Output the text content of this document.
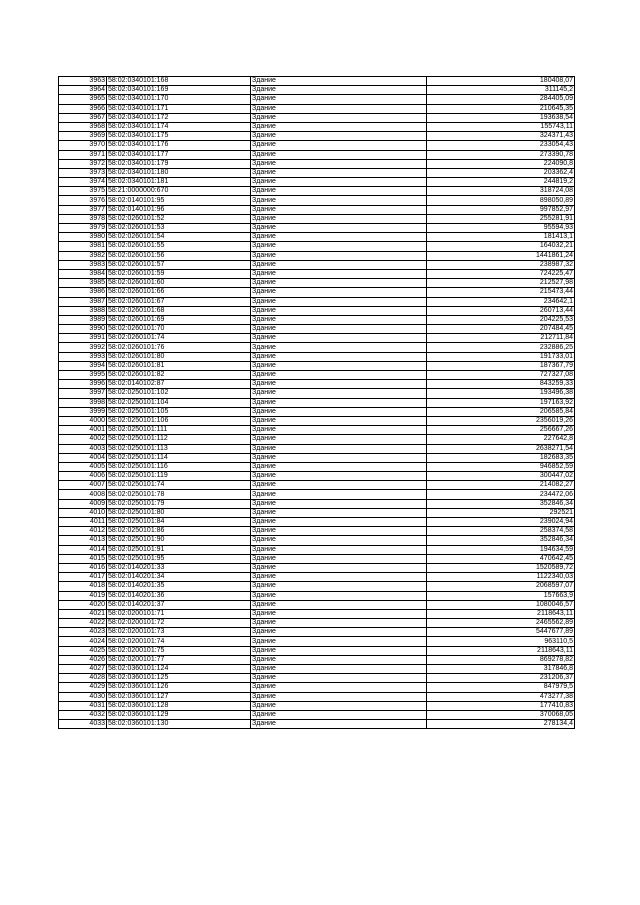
3963	58:02:0340101:168	Здание	180408,07
3964	58:02:0340101:169	Здание	311145,2
3965	58:02:0340101:170	Здание	284405,09
3966	58:02:0340101:171	Здание	210645,35
3967	58:02:0340101:172	Здание	193638,54
3968	58:02:0340101:174	Здание	155743,11
3969	58:02:0340101:175	Здание	324371,43
3970	58:02:0340101:176	Здание	233054,43
3971	58:02:0340101:177	Здание	273390,78
3972	58:02:0340101:179	Здание	224090,8
3973	58:02:0340101:180	Здание	203362,4
3974	58:02:0340101:181	Здание	244819,2
3975	58:21:0000000:670	Здание	318724,08
3976	58:02:0140101:95	Здание	898050,89
3977	58:02:0140101:96	Здание	997852,97
3978	58:02:0260101:52	Здание	255281,91
3979	58:02:0260101:53	Здание	95594,93
3980	58:02:0260101:54	Здание	181413,1
3981	58:02:0260101:55	Здание	164032,21
3982	58:02:0260101:56	Здание	1441861,24
3983	58:02:0260101:57	Здание	238987,32
3984	58:02:0260101:59	Здание	724225,47
3985	58:02:0260101:60	Здание	212527,98
3986	58:02:0260101:66	Здание	215473,44
3987	58:02:0260101:67	Здание	234642,1
3988	58:02:0260101:68	Здание	260713,44
3989	58:02:0260101:69	Здание	204225,53
3990	58:02:0260101:70	Здание	207484,45
3991	58:02:0260101:74	Здание	212711,84
3992	58:02:0260101:76	Здание	232886,25
3993	58:02:0260101:80	Здание	191733,01
3994	58:02:0260101:81	Здание	187367,79
3995	58:02:0260101:82	Здание	727327,08
3996	58:02:0140102:87	Здание	843259,33
3997	58:02:0250101:102	Здание	193496,38
3998	58:02:0250101:104	Здание	197163,92
3999	58:02:0250101:105	Здание	206585,84
4000	58:02:0250101:106	Здание	2356019,26
4001	58:02:0250101:111	Здание	256667,26
4002	58:02:0250101:112	Здание	227642,8
4003	58:02:0250101:113	Здание	2638271,54
4004	58:02:0250101:114	Здание	182683,35
4005	58:02:0250101:116	Здание	946852,59
4006	58:02:0250101:119	Здание	300447,02
4007	58:02:0250101:74	Здание	214082,27
4008	58:02:0250101:78	Здание	234472,06
4009	58:02:0250101:79	Здание	352846,34
4010	58:02:0250101:80	Здание	292521
4011	58:02:0250101:84	Здание	239024,94
4012	58:02:0250101:86	Здание	258374,58
4013	58:02:0250101:90	Здание	352846,34
4014	58:02:0250101:91	Здание	194634,59
4015	58:02:0250101:95	Здание	470642,45
4016	58:02:0140201:33	Здание	1520589,72
4017	58:02:0140201:34	Здание	1122340,03
4018	58:02:0140201:35	Здание	2068597,07
4019	58:02:0140201:36	Здание	157663,9
4020	58:02:0140201:37	Здание	1080046,57
4021	58:02:0200101:71	Здание	2118643,11
4022	58:02:0200101:72	Здание	2465562,89
4023	58:02:0200101:73	Здание	5447677,89
4024	58:02:0200101:74	Здание	963110,5
4025	58:02:0200101:75	Здание	2118643,11
4026	58:02:0200101:77	Здание	869278,82
4027	58:02:0360101:124	Здание	317846,8
4028	58:02:0360101:125	Здание	231206,37
4029	58:02:0360101:126	Здание	847979,5
4030	58:02:0360101:127	Здание	473277,38
4031	58:02:0360101:128	Здание	177410,83
4032	58:02:0360101:129	Здание	370068,05
4033	58:02:0360101:130	Здание	278134,4
